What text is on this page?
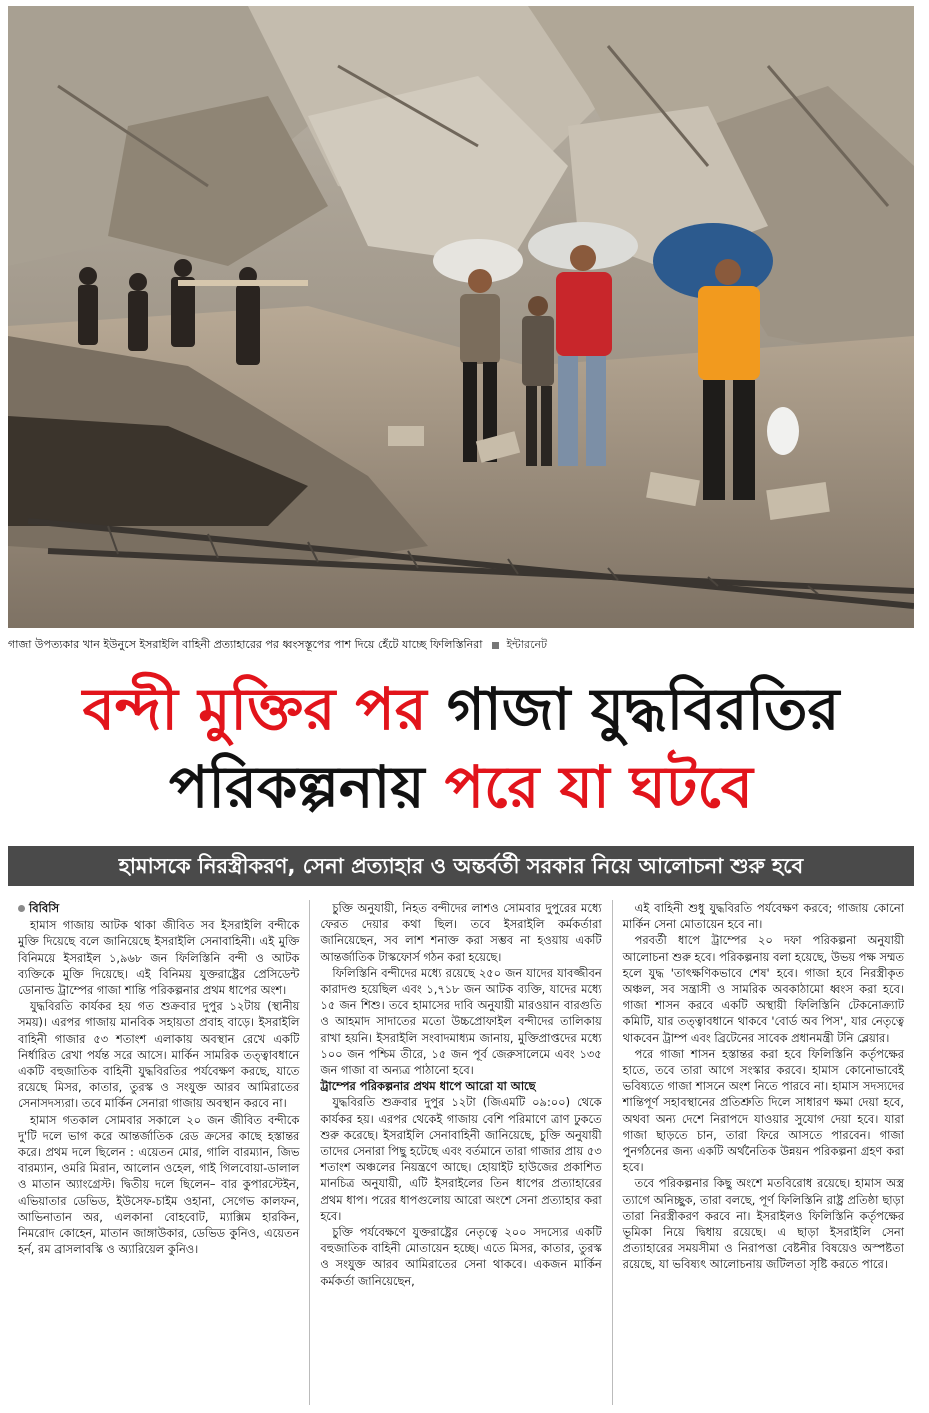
গাজা উপত্যকার খান ইউনুসে ইসরাইলি বাহিনী প্রত্যাহারের পর ধ্বংসস্তূপের পাশ দিয়ে হেঁটে যাচ্ছে ফিলিস্তিনিরা ইন্টারনেট
বন্দী মুক্তির পর গাজা যুদ্ধবিরতির
পরিকল্পনায় পরে যা ঘটবে
হামাসকে নিরস্ত্রীকরণ, সেনা প্রত্যাহার ও অন্তর্বর্তী সরকার নিয়ে আলোচনা শুরু হবে
বিবিসি

হামাস গাজায় আটক থাকা জীবিত সব ইসরাইলি বন্দীকে মুক্তি দিয়েছে বলে জানিয়েছে ইসরাইলি সেনাবাহিনী। এই মুক্তি বিনিময়ে ইসরাইল ১,৯৬৮ জন ফিলিস্তিনি বন্দী ও আটক ব্যক্তিকে মুক্তি দিয়েছে। এই বিনিময় যুক্তরাষ্ট্রের প্রেসিডেন্ট ডোনাল্ড ট্রাম্পের গাজা শান্তি পরিকল্পনার প্রথম ধাপের অংশ।

যুদ্ধবিরতি কার্যকর হয় গত শুক্রবার দুপুর ১২টায় (স্থানীয় সময়)। এরপর গাজায় মানবিক সহায়তা প্রবাহ বাড়ে। ইসরাইলি বাহিনী গাজার ৫৩ শতাংশ এলাকায় অবস্থান রেখে একটি নির্ধারিত রেখা পর্যন্ত সরে আসে। মার্কিন সামরিক তত্ত্বাবধানে একটি বহুজাতিক বাহিনী যুদ্ধবিরতির পর্যবেক্ষণ করছে, যাতে রয়েছে মিসর, কাতার, তুরস্ক ও সংযুক্ত আরব আমিরাতের সেনাসদস্যরা। তবে মার্কিন সেনারা গাজায় অবস্থান করবে না।

হামাস গতকাল সোমবার সকালে ২০ জন জীবিত বন্দীকে দু'টি দলে ভাগ করে আন্তর্জাতিক রেড ক্রসের কাছে হস্তান্তর করে। প্রথম দলে ছিলেন : এয়েতন মোর, গালি বারম্যান, জিভ বারম্যান, ওমরি মিরান, আলোন ওহেল, গাই গিলবোয়া-ডালাল ও মাতান অ্যাংগ্রেস্ট। দ্বিতীয় দলে ছিলেন– বার কুপারস্টেইন, এভিয়াতার ডেভিড, ইউসেফ-চাইম ওহানা, সেগেভ কালফন, আভিনাতান অর, এলকানা বোহবোট, ম্যাক্সিম হারকিন, নিমরোদ কোহেন, মাতান জাঙ্গাউকার, ডেভিড কুনিও, এয়েতন হর্ন, রম ব্রাসলাবস্কি ও অ্যারিয়েল কুনিও।

চুক্তি অনুযায়ী, নিহত বন্দীদের লাশও সোমবার দুপুরের মধ্যে ফেরত দেয়ার কথা ছিল। তবে ইসরাইলি কর্মকর্তারা জানিয়েছেন, সব লাশ শনাক্ত করা সম্ভব না হওয়ায় একটি আন্তর্জাতিক টাস্কফোর্স গঠন করা হয়েছে।

ফিলিস্তিনি বন্দীদের মধ্যে রয়েছে ২৫০ জন যাদের যাবজ্জীবন কারাদণ্ড হয়েছিল এবং ১,৭১৮ জন আটক ব্যক্তি, যাদের মধ্যে ১৫ জন শিশু। তবে হামাসের দাবি অনুযায়ী মারওয়ান বারগুতি ও আহমাদ সাদাতের মতো উচ্চপ্রোফাইল বন্দীদের তালিকায় রাখা হয়নি। ইসরাইলি সংবাদমাধ্যম জানায়, মুক্তিপ্রাপ্তদের মধ্যে ১০০ জন পশ্চিম তীরে, ১৫ জন পূর্ব জেরুসালেমে এবং ১৩৫ জন গাজা বা অন্যত্র পাঠানো হবে।

ট্রাম্পের পরিকল্পনার প্রথম ধাপে আরো যা আছে

যুদ্ধবিরতি শুক্রবার দুপুর ১২টা (জিএমটি ০৯:০০) থেকে কার্যকর হয়। এরপর থেকেই গাজায় বেশি পরিমাণে ত্রাণ ঢুকতে শুরু করেছে। ইসরাইলি সেনাবাহিনী জানিয়েছে, চুক্তি অনুযায়ী তাদের সেনারা পিছু হটেছে এবং বর্তমানে তারা গাজার প্রায় ৫৩ শতাংশ অঞ্চলের নিয়ন্ত্রণে আছে। হোয়াইট হাউজের প্রকাশিত মানচিত্র অনুযায়ী, এটি ইসরাইলের তিন ধাপের প্রত্যাহারের প্রথম ধাপ। পরের ধাপগুলোয় আরো অংশে সেনা প্রত্যাহার করা হবে।

চুক্তি পর্যবেক্ষণে যুক্তরাষ্ট্রের নেতৃত্বে ২০০ সদস্যের একটি বহুজাতিক বাহিনী মোতায়েন হচ্ছে। এতে মিসর, কাতার, তুরস্ক ও সংযুক্ত আরব আমিরাতের সেনা থাকবে। একজন মার্কিন কর্মকর্তা জানিয়েছেন,

এই বাহিনী শুধু যুদ্ধবিরতি পর্যবেক্ষণ করবে; গাজায় কোনো মার্কিন সেনা মোতায়েন হবে না।

পরবর্তী ধাপে ট্রাম্পের ২০ দফা পরিকল্পনা অনুযায়ী আলোচনা শুরু হবে। পরিকল্পনায় বলা হয়েছে, উভয় পক্ষ সম্মত হলে যুদ্ধ 'তাৎক্ষণিকভাবে শেষ' হবে। গাজা হবে নিরস্ত্রীকৃত অঞ্চল, সব সন্ত্রাসী ও সামরিক অবকাঠামো ধ্বংস করা হবে। গাজা শাসন করবে একটি অস্থায়ী ফিলিস্তিনি টেকনোক্র্যাট কমিটি, যার তত্ত্বাবধানে থাকবে 'বোর্ড অব পিস', যার নেতৃত্বে থাকবেন ট্রাম্প এবং ব্রিটেনের সাবেক প্রধানমন্ত্রী টনি ব্লেয়ার।

পরে গাজা শাসন হস্তান্তর করা হবে ফিলিস্তিনি কর্তৃপক্ষের হাতে, তবে তারা আগে সংস্কার করবে। হামাস কোনোভাবেই ভবিষ্যতে গাজা শাসনে অংশ নিতে পারবে না। হামাস সদস্যদের শান্তিপূর্ণ সহাবস্থানের প্রতিশ্রুতি দিলে সাধারণ ক্ষমা দেয়া হবে, অথবা অন্য দেশে নিরাপদে যাওয়ার সুযোগ দেয়া হবে। যারা গাজা ছাড়তে চান, তারা ফিরে আসতে পারবেন। গাজা পুনর্গঠনের জন্য একটি অর্থনৈতিক উন্নয়ন পরিকল্পনা গ্রহণ করা হবে।

তবে পরিকল্পনার কিছু অংশে মতবিরোধ রয়েছে। হামাস অস্ত্র ত্যাগে অনিচ্ছুক, তারা বলছে, পূর্ণ ফিলিস্তিনি রাষ্ট্র প্রতিষ্ঠা ছাড়া তারা নিরস্ত্রীকরণ করবে না। ইসরাইলও ফিলিস্তিনি কর্তৃপক্ষের ভূমিকা নিয়ে দ্বিধায় রয়েছে। এ ছাড়া ইসরাইলি সেনা প্রত্যাহারের সময়সীমা ও নিরাপত্তা বেষ্টনীর বিষয়েও অস্পষ্টতা রয়েছে, যা ভবিষ্যৎ আলোচনায় জটিলতা সৃষ্টি করতে পারে।
